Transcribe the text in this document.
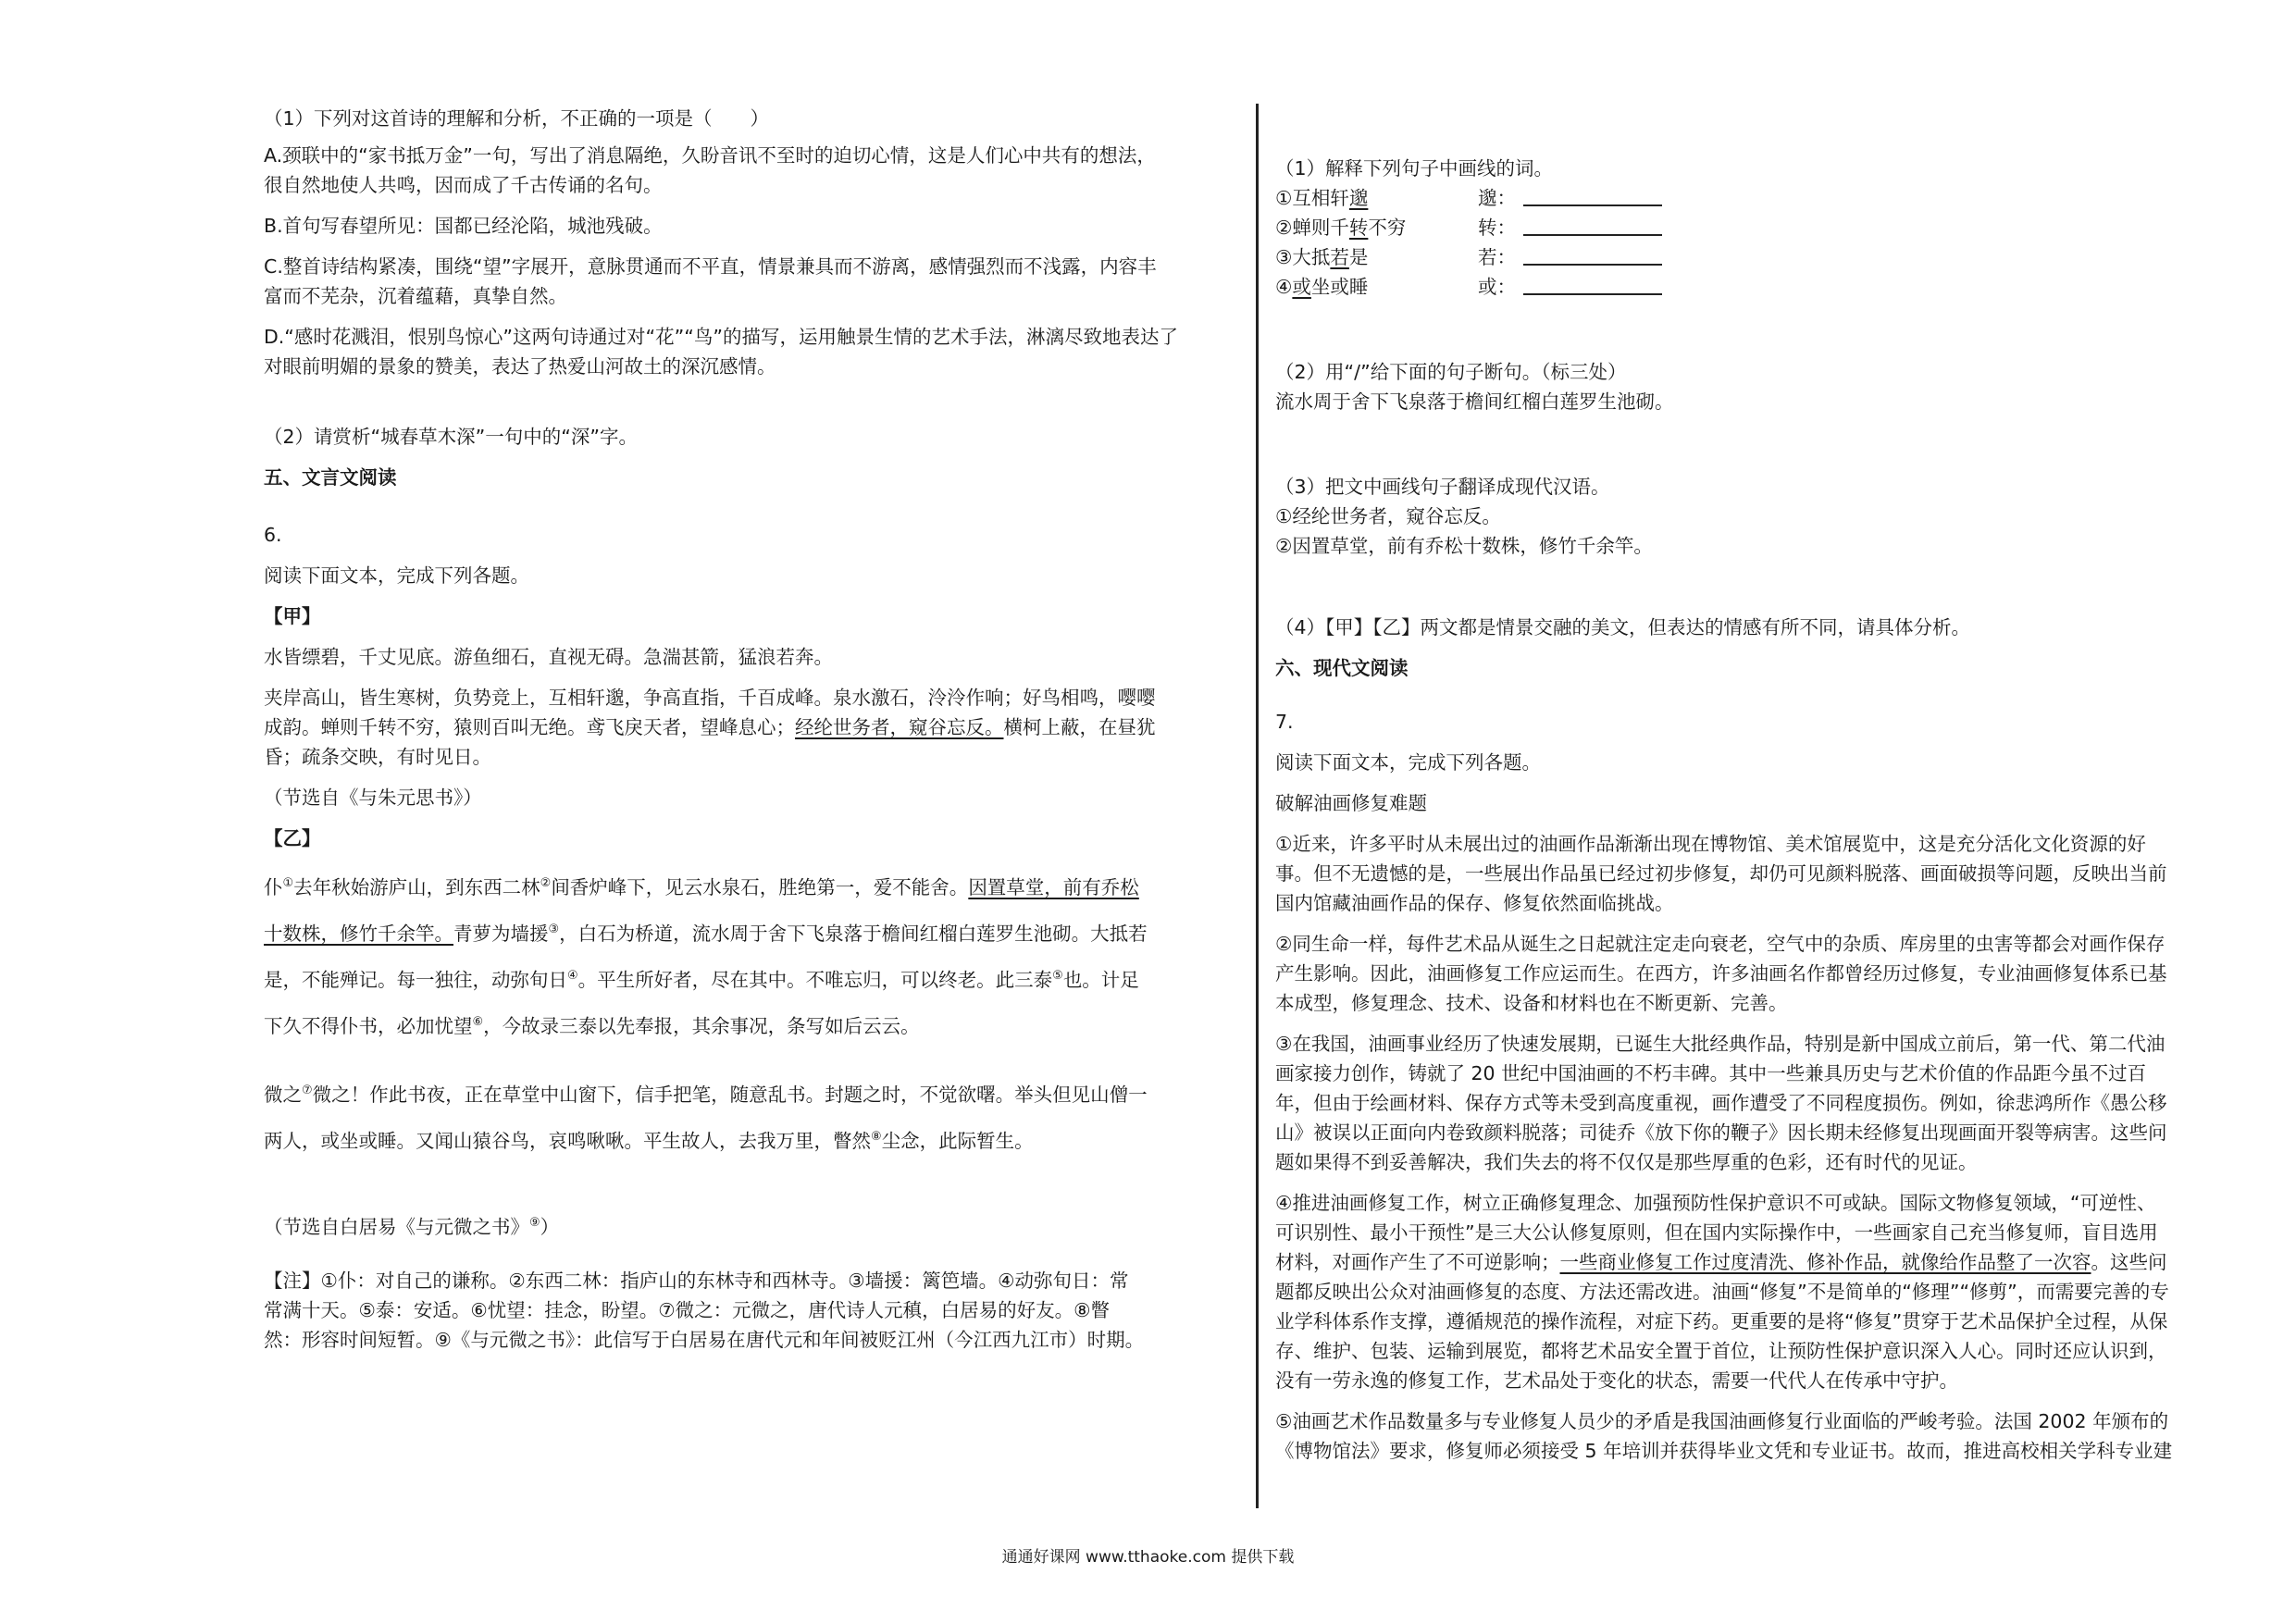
（1）下列对这首诗的理解和分析，不正确的一项是（　　）

A.颈联中的“家书抵万金”一句，写出了消息隔绝，久盼音讯不至时的迫切心情，这是人们心中共有的想法，

很自然地使人共鸣，因而成了千古传诵的名句。

B.首句写春望所见：国都已经沦陷，城池残破。

C.整首诗结构紧凑，围绕“望”字展开，意脉贯通而不平直，情景兼具而不游离，感情强烈而不浅露，内容丰

富而不芜杂，沉着蕴藉，真挚自然。

D.“感时花溅泪，恨别鸟惊心”这两句诗通过对“花”“鸟”的描写，运用触景生情的艺术手法，淋漓尽致地表达了

对眼前明媚的景象的赞美，表达了热爱山河故土的深沉感情。

（2）请赏析“城春草木深”一句中的“深”字。

五、文言文阅读

6.

阅读下面文本，完成下列各题。

【甲】

水皆缥碧，千丈见底。游鱼细石，直视无碍。急湍甚箭，猛浪若奔。

夹岸高山，皆生寒树，负势竞上，互相轩邈，争高直指，千百成峰。泉水激石，泠泠作响；好鸟相鸣，嘤嘤

成韵。蝉则千转不穷，猿则百叫无绝。鸢飞戾天者，望峰息心；经纶世务者，窥谷忘反。横柯上蔽，在昼犹

昏；疏条交映，有时见日。

（节选自《与朱元思书》）

【乙】

仆①去年秋始游庐山，到东西二林②间香炉峰下，见云水泉石，胜绝第一，爱不能舍。因置草堂，前有乔松

十数株，修竹千余竿。青萝为墙援③，白石为桥道，流水周于舍下飞泉落于檐间红榴白莲罗生池砌。大抵若

是，不能殚记。每一独往，动弥旬日④。平生所好者，尽在其中。不唯忘归，可以终老。此三泰⑤也。计足

下久不得仆书，必加忧望⑥，今故录三泰以先奉报，其余事况，条写如后云云。

微之⑦微之！作此书夜，正在草堂中山窗下，信手把笔，随意乱书。封题之时，不觉欲曙。举头但见山僧一

两人，或坐或睡。又闻山猿谷鸟，哀鸣啾啾。平生故人，去我万里，瞥然⑧尘念，此际暂生。

（节选自白居易《与元微之书》⑨）

【注】①仆：对自己的谦称。②东西二林：指庐山的东林寺和西林寺。③墙援：篱笆墙。④动弥旬日：常

常满十天。⑤泰：安适。⑥忧望：挂念，盼望。⑦微之：元微之，唐代诗人元稹，白居易的好友。⑧瞥

然：形容时间短暂。⑨《与元微之书》：此信写于白居易在唐代元和年间被贬江州（今江西九江市）时期。

（1）解释下列句子中画线的词。

①互相轩邈	邈：

②蝉则千转不穷	转：

③大抵若是	若：

④或坐或睡	或：

（2）用“/”给下面的句子断句。（标三处）

流水周于舍下飞泉落于檐间红榴白莲罗生池砌。

（3）把文中画线句子翻译成现代汉语。

①经纶世务者，窥谷忘反。

②因置草堂，前有乔松十数株，修竹千余竿。

（4）【甲】【乙】两文都是情景交融的美文，但表达的情感有所不同，请具体分析。

六、现代文阅读

7.

阅读下面文本，完成下列各题。

破解油画修复难题

①近来，许多平时从未展出过的油画作品渐渐出现在博物馆、美术馆展览中，这是充分活化文化资源的好

事。但不无遗憾的是，一些展出作品虽已经过初步修复，却仍可见颜料脱落、画面破损等问题，反映出当前

国内馆藏油画作品的保存、修复依然面临挑战。

②同生命一样，每件艺术品从诞生之日起就注定走向衰老，空气中的杂质、库房里的虫害等都会对画作保存

产生影响。因此，油画修复工作应运而生。在西方，许多油画名作都曾经历过修复，专业油画修复体系已基

本成型，修复理念、技术、设备和材料也在不断更新、完善。

③在我国，油画事业经历了快速发展期，已诞生大批经典作品，特别是新中国成立前后，第一代、第二代油

画家接力创作，铸就了 20 世纪中国油画的不朽丰碑。其中一些兼具历史与艺术价值的作品距今虽不过百

年，但由于绘画材料、保存方式等未受到高度重视，画作遭受了不同程度损伤。例如，徐悲鸿所作《愚公移

山》被误以正面向内卷致颜料脱落；司徒乔《放下你的鞭子》因长期未经修复出现画面开裂等病害。这些问

题如果得不到妥善解决，我们失去的将不仅仅是那些厚重的色彩，还有时代的见证。

④推进油画修复工作，树立正确修复理念、加强预防性保护意识不可或缺。国际文物修复领域，“可逆性、

可识别性、最小干预性”是三大公认修复原则，但在国内实际操作中，一些画家自己充当修复师，盲目选用

材料，对画作产生了不可逆影响；一些商业修复工作过度清洗、修补作品，就像给作品整了一次容。这些问

题都反映出公众对油画修复的态度、方法还需改进。油画“修复”不是简单的“修理”“修剪”，而需要完善的专

业学科体系作支撑，遵循规范的操作流程，对症下药。更重要的是将“修复”贯穿于艺术品保护全过程，从保

存、维护、包装、运输到展览，都将艺术品安全置于首位，让预防性保护意识深入人心。同时还应认识到，

没有一劳永逸的修复工作，艺术品处于变化的状态，需要一代代人在传承中守护。

⑤油画艺术作品数量多与专业修复人员少的矛盾是我国油画修复行业面临的严峻考验。法国 2002 年颁布的

《博物馆法》要求，修复师必须接受 5 年培训并获得毕业文凭和专业证书。故而，推进高校相关学科专业建

通通好课网 www.tthaoke.com 提供下载
